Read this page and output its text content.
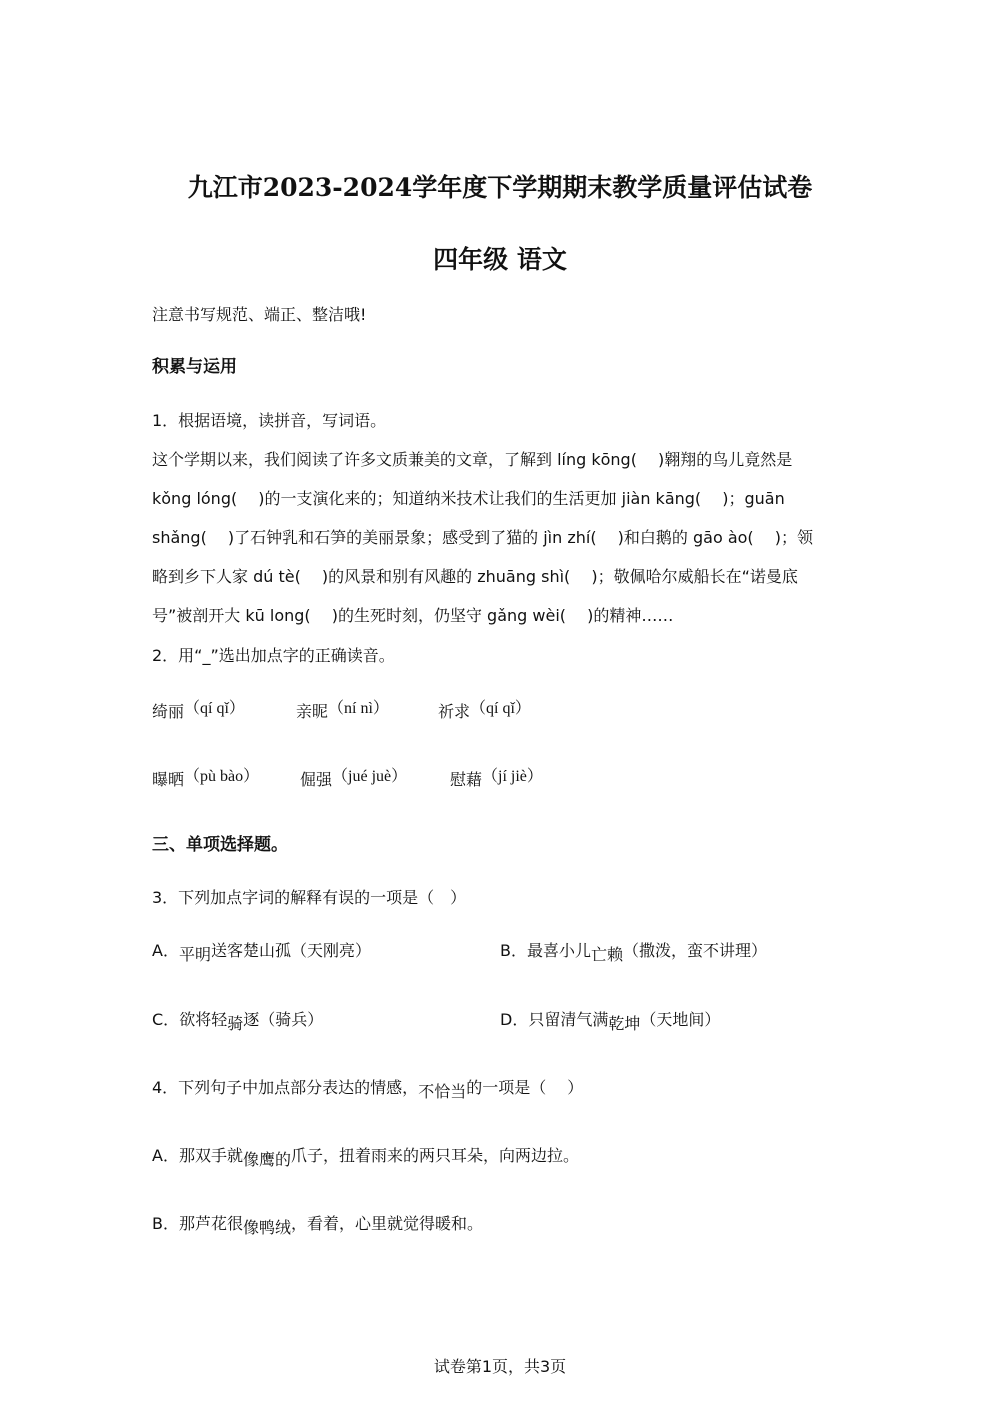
九江市2023-2024学年度下学期期末教学质量评估试卷
四年级 语文
注意书写规范、端正、整洁哦!
积累与运用
1．根据语境，读拼音，写词语。
这个学期以来，我们阅读了许多文质兼美的文章，了解到 líng kōng(　 )翱翔的鸟儿竟然是
kǒng lóng(　 )的一支演化来的；知道纳米技术让我们的生活更加 jiàn kāng(　 )；guān
shǎng(　 )了石钟乳和石笋的美丽景象；感受到了猫的 jìn zhí(　 )和白鹅的 gāo ào(　 )；领
略到乡下人家 dú tè(　 )的风景和别有风趣的 zhuāng shì(　 )；敬佩哈尔威船长在“诺曼底
号”被剖开大 kū long(　 )的生死时刻，仍坚守 gǎng wèi(　 )的精神……
2．用“_”选出加点字的正确读音。
绮丽（qí qǐ）	亲昵（ní nì）	祈求（qí qǐ）
曝晒（pù bào）	倔强（jué juè）	慰藉（jí jiè）
三、单项选择题。
3．下列加点字词的解释有误的一项是（　）
A．平明送客楚山孤（天刚亮）	B．最喜小儿亡赖（撒泼，蛮不讲理）
C．欲将轻骑逐（骑兵）	D．只留清气满乾坤（天地间）
4．下列句子中加点部分表达的情感，不恰当的一项是（　 ）
A．那双手就像鹰的爪子，扭着雨来的两只耳朵，向两边拉。
B．那芦花很像鸭绒，看着，心里就觉得暖和。
试卷第1页，共3页
